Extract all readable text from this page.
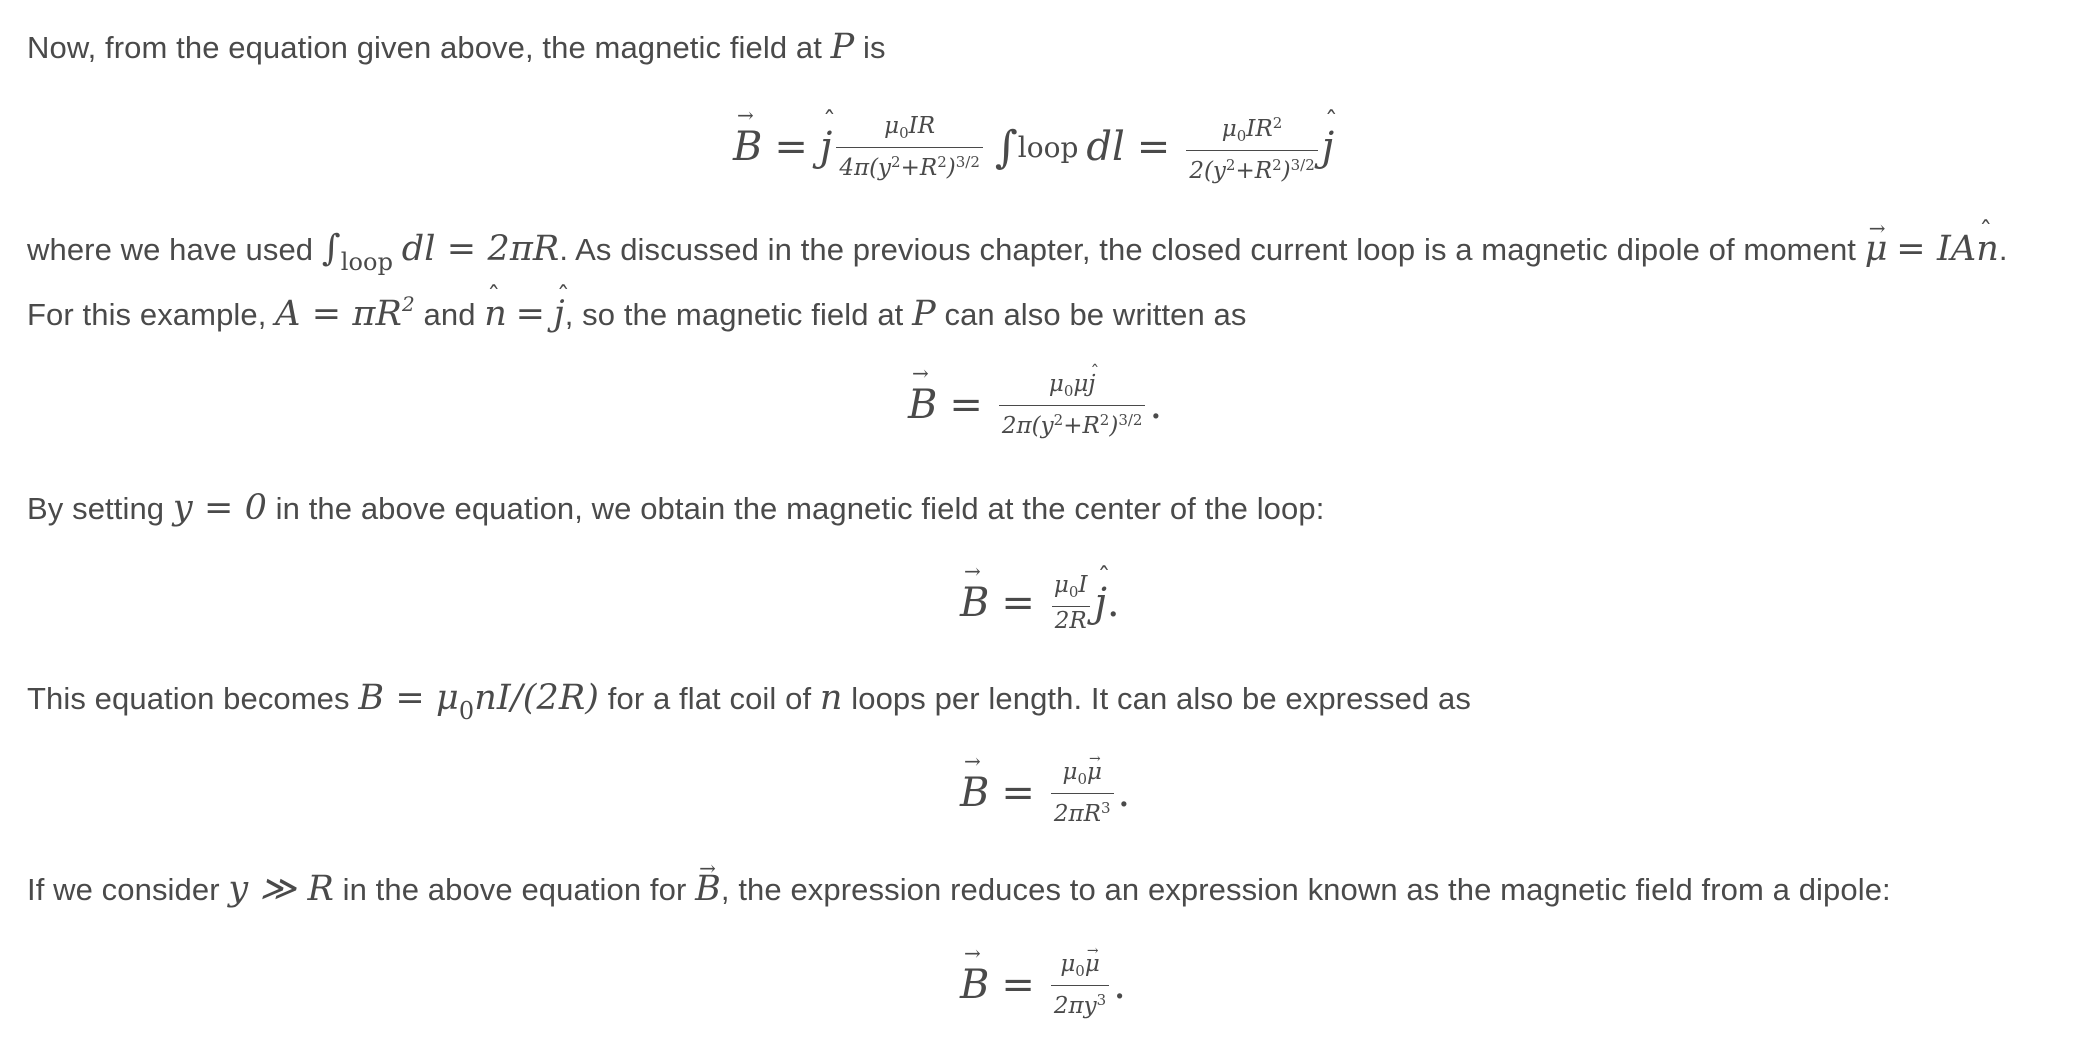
Now, from the equation given above, the magnetic field at P is
→ B = ˆ j $\frac{\mu_0IR}{4\pi(y^2+R^2)^{3/2}}$ ∫ loop dl = $\frac{\mu_0IR^2}{2(y^2+R^2)^{3/2}}$ ˆ j
where we have used $\int_{loop}$ dl = 2πR. As discussed in the previous chapter, the closed current loop is a magnetic dipole of moment → μ = IAˆ n.
For this example, $A = \pi R^2$ and ˆ n = ˆ j, so the magnetic field at P can also be written as
→ $B = \frac{\mu_0\mu ˆ j}{2\pi(y^2+R^2)^{3/2}}$ .
By setting y = 0 in the above equation, we obtain the magnetic field at the center of the loop:
→ $B = \frac{\mu_0I}{2R}$ ˆ j .
This equation becomes $B = \mu_0nI/(2R)$ for a flat coil of n loops per length. It can also be expressed as
→ $B = \frac{\mu_0\to \mu}{2\pi R^3}$ .
If we consider y ≫ R in the above equation for → B, the expression reduces to an expression known as the magnetic field from a dipole:
→ $B = \frac{\mu_0\to \mu}{2\pi y^3}$ .
